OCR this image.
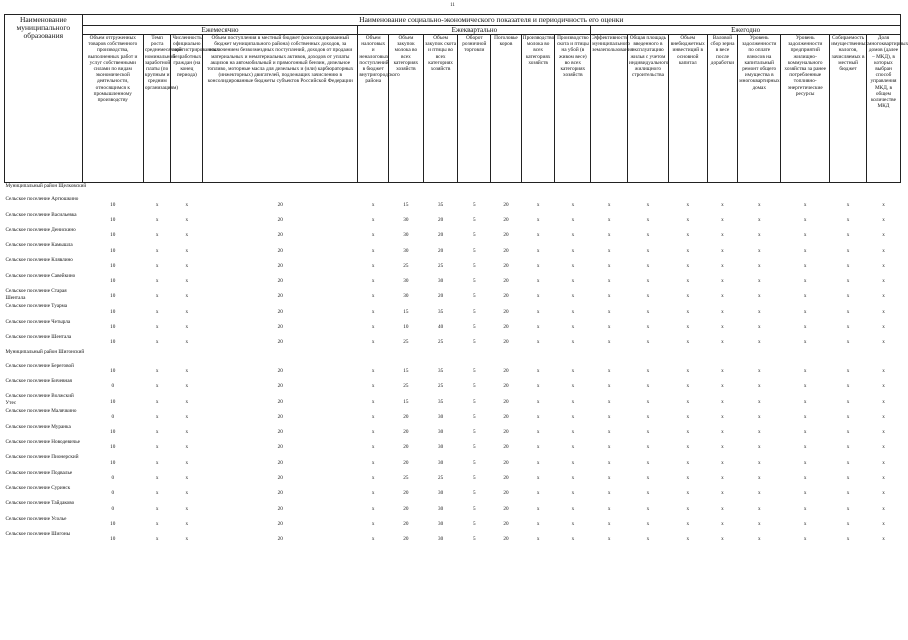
11
Наименование муниципального образования	Наименование социально-экономического показателя и периодичность его оценки																		
	Ежемесячно				Ежеквартально							Ежегодно							
	Объем отгруженных товаров собственного производства, выполненных работ и услуг собственными силами по видам экономической деятельности, относящимся к промышленному производству	Темп роста среднемесячной номинальной заработной платы (по крупным и средним организациям)	Численность официально зарегистрированных безработных граждан (на конец периода)	Объем поступления в местный бюджет (консолидированный бюджет муниципального района) собственных доходов, за исключением безвозмездных поступлений, доходов от продажи материальных и нематериальных активов, доходов от уплаты акцизов на автомобильный и прямогонный бензин, дизельное топливо, моторные масла для дизельных и (или) карбюраторных (инжекторных) двигателей, подлежащих зачислению в консолидированные бюджеты субъектов Российской Федерации	Объем налоговых и неналоговых поступлений в бюджет внутригородского района	Объем закупок молока во всех категориях хозяйств	Объем закупок скота и птицы во всех категориях хозяйств	Оборот розничной торговли	Поголовье коров	Производство молока во всех категориях хозяйств	Производство скота и птицы на убой (в живом весе) во всех категориях хозяйств	Эффективность муниципального землепользования	Общая площадь введенного в эксплуатацию жилья с учетом индивидуального жилищного строительства	Объем внебюджетных инвестиций в основной капитал	Валовой сбор зерна в весе после доработки	Уровень задолженности по оплате взносов на капитальный ремонт общего имущества в многоквартирных домах	Уровень задолженности предприятий жилищно-коммунального хозяйства за ранее потребленные топливно-энергетические ресурсы	Собираемость имущественных налогов, зачисляемых в местный бюджет	Доля многоквартирных домов (далее – МКД), в которых выбран способ управления МКД, в общем количестве МКД
Муниципальный район Щелковский																			
Сельское поселение Артюшкино	10	x	x	20	x	15	35	5	20	x	x	x	x	x	x	x	x	x	x
Сельское поселение Васильевка	10	x	x	20	x	30	20	5	20	x	x	x	x	x	x	x	x	x	x
Сельское поселение Денискино	10	x	x	20	x	30	20	5	20	x	x	x	x	x	x	x	x	x	x
Сельское поселение Камышла	10	x	x	20	x	30	20	5	20	x	x	x	x	x	x	x	x	x	x
Сельское поселение Клявлино	10	x	x	20	x	25	25	5	20	x	x	x	x	x	x	x	x	x	x
Сельское поселение Савейкино	10	x	x	20	x	30	30	5	20	x	x	x	x	x	x	x	x	x	x
Сельское поселение Старая Шентала	10	x	x	20	x	30	20	5	20	x	x	x	x	x	x	x	x	x	x
Сельское поселение Туарма	10	x	x	20	x	15	35	5	20	x	x	x	x	x	x	x	x	x	x
Сельское поселение Четырла	10	x	x	20	x	10	40	5	20	x	x	x	x	x	x	x	x	x	x
Сельское поселение Шентала	10	x	x	20	x	25	25	5	20	x	x	x	x	x	x	x	x	x	x
Муниципальный район Шигонский																			
Сельское поселение Береговой	10	x	x	20	x	15	35	5	20	x	x	x	x	x	x	x	x	x	x
Сельское поселение Бичевная	0	x	x	20	x	25	25	5	20	x	x	x	x	x	x	x	x	x	x
Сельское поселение Волжский Утес	10	x	x	20	x	15	35	5	20	x	x	x	x	x	x	x	x	x	x
Сельское поселение Малячкино	0	x	x	20	x	20	30	5	20	x	x	x	x	x	x	x	x	x	x
Сельское поселение Муранка	10	x	x	20	x	20	30	5	20	x	x	x	x	x	x	x	x	x	x
Сельское поселение Новодевичье	10	x	x	20	x	20	30	5	20	x	x	x	x	x	x	x	x	x	x
Сельское поселение Пионерский	10	x	x	20	x	20	30	5	20	x	x	x	x	x	x	x	x	x	x
Сельское поселение Подвалье	0	x	x	20	x	25	25	5	20	x	x	x	x	x	x	x	x	x	x
Сельское поселение Суринск	0	x	x	20	x	20	30	5	20	x	x	x	x	x	x	x	x	x	x
Сельское поселение Тайдаково	0	x	x	20	x	20	30	5	20	x	x	x	x	x	x	x	x	x	x
Сельское поселение Усолье	10	x	x	20	x	20	30	5	20	x	x	x	x	x	x	x	x	x	x
Сельское поселение Шигоны	10	x	x	20	x	20	30	5	20	x	x	x	x	x	x	x	x	x	x
